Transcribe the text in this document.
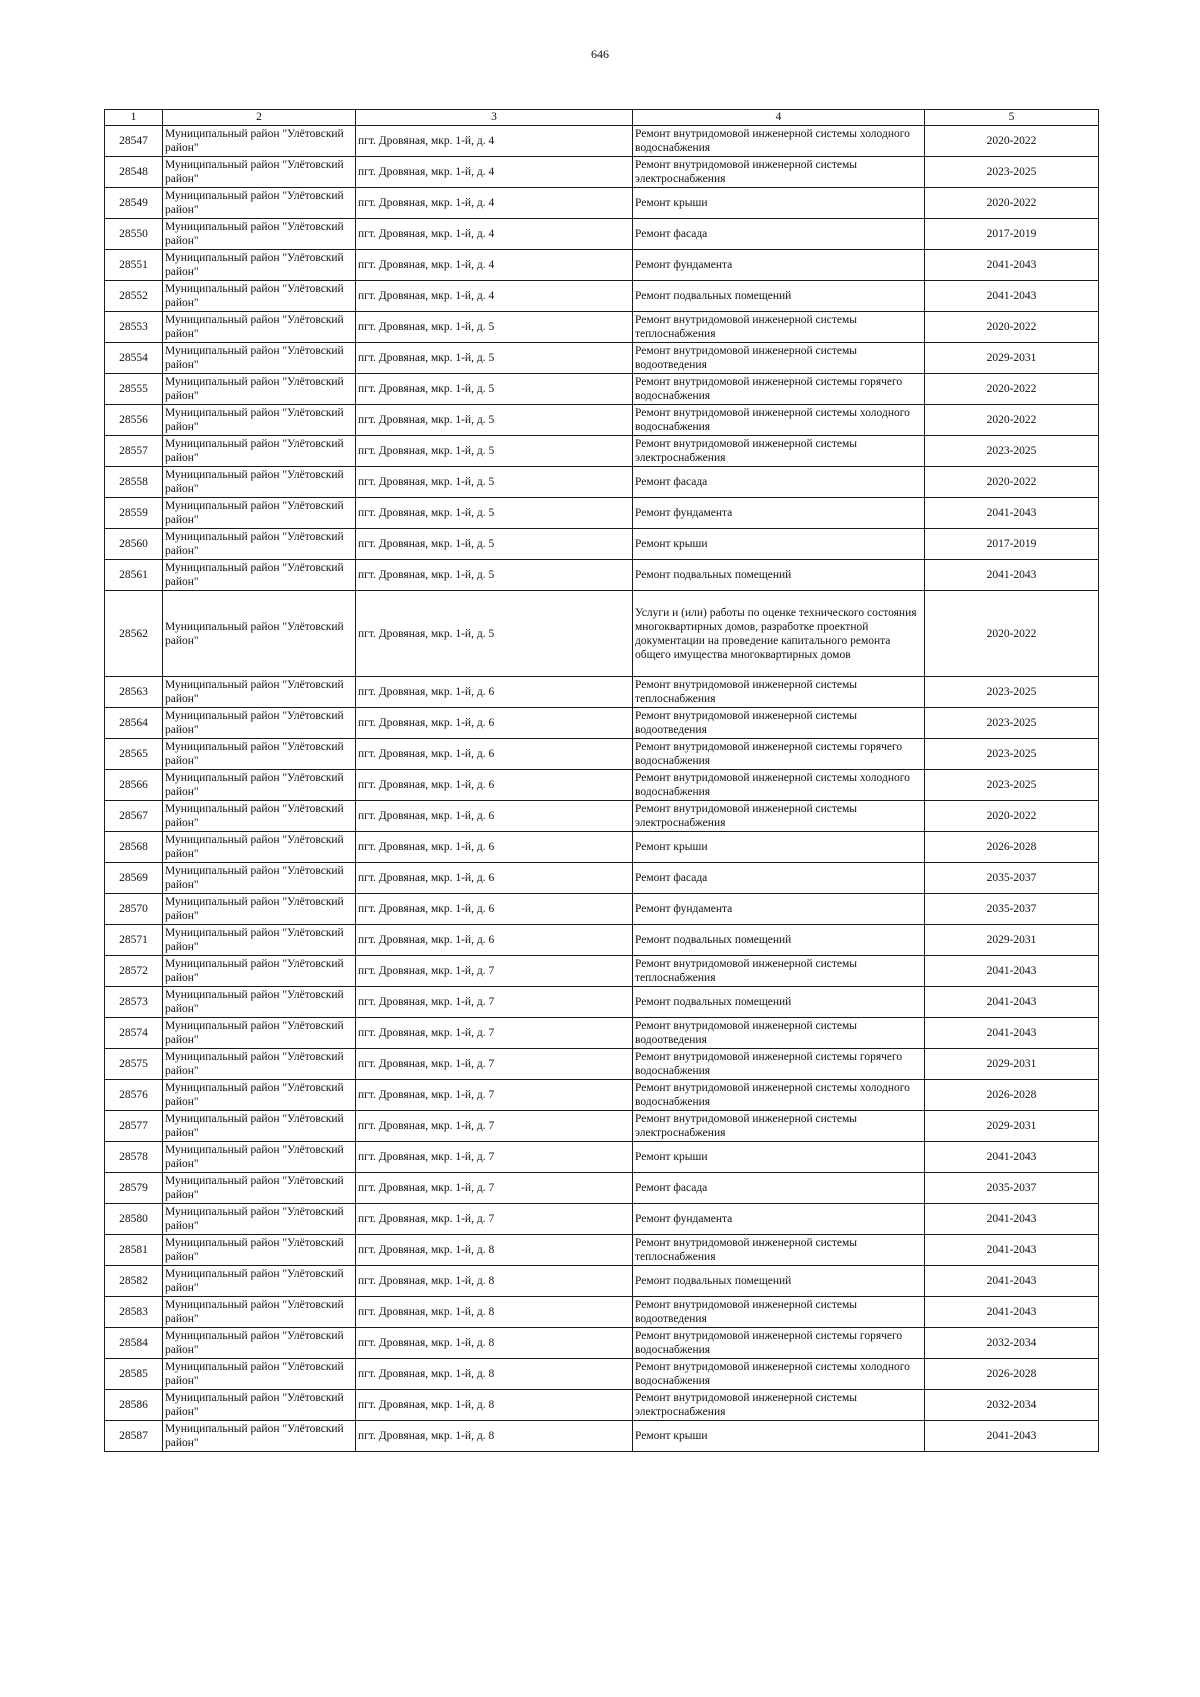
646
1	2	3	4	5
28547	Муниципальный район "Улётовский район"	пгт. Дровяная, мкр. 1-й, д. 4	Ремонт внутридомовой инженерной системы холодного водоснабжения	2020-2022
28548	Муниципальный район "Улётовский район"	пгт. Дровяная, мкр. 1-й, д. 4	Ремонт внутридомовой инженерной системы электроснабжения	2023-2025
28549	Муниципальный район "Улётовский район"	пгт. Дровяная, мкр. 1-й, д. 4	Ремонт крыши	2020-2022
28550	Муниципальный район "Улётовский район"	пгт. Дровяная, мкр. 1-й, д. 4	Ремонт фасада	2017-2019
28551	Муниципальный район "Улётовский район"	пгт. Дровяная, мкр. 1-й, д. 4	Ремонт фундамента	2041-2043
28552	Муниципальный район "Улётовский район"	пгт. Дровяная, мкр. 1-й, д. 4	Ремонт подвальных помещений	2041-2043
28553	Муниципальный район "Улётовский район"	пгт. Дровяная, мкр. 1-й, д. 5	Ремонт внутридомовой инженерной системы теплоснабжения	2020-2022
28554	Муниципальный район "Улётовский район"	пгт. Дровяная, мкр. 1-й, д. 5	Ремонт внутридомовой инженерной системы водоотведения	2029-2031
28555	Муниципальный район "Улётовский район"	пгт. Дровяная, мкр. 1-й, д. 5	Ремонт внутридомовой инженерной системы горячего водоснабжения	2020-2022
28556	Муниципальный район "Улётовский район"	пгт. Дровяная, мкр. 1-й, д. 5	Ремонт внутридомовой инженерной системы холодного водоснабжения	2020-2022
28557	Муниципальный район "Улётовский район"	пгт. Дровяная, мкр. 1-й, д. 5	Ремонт внутридомовой инженерной системы электроснабжения	2023-2025
28558	Муниципальный район "Улётовский район"	пгт. Дровяная, мкр. 1-й, д. 5	Ремонт фасада	2020-2022
28559	Муниципальный район "Улётовский район"	пгт. Дровяная, мкр. 1-й, д. 5	Ремонт фундамента	2041-2043
28560	Муниципальный район "Улётовский район"	пгт. Дровяная, мкр. 1-й, д. 5	Ремонт крыши	2017-2019
28561	Муниципальный район "Улётовский район"	пгт. Дровяная, мкр. 1-й, д. 5	Ремонт подвальных помещений	2041-2043
28562	Муниципальный район "Улётовский район"	пгт. Дровяная, мкр. 1-й, д. 5	Услуги и (или) работы по оценке технического состояния многоквартирных домов, разработке проектной документации на проведение капитального ремонта общего имущества многоквартирных домов	2020-2022
28563	Муниципальный район "Улётовский район"	пгт. Дровяная, мкр. 1-й, д. 6	Ремонт внутридомовой инженерной системы теплоснабжения	2023-2025
28564	Муниципальный район "Улётовский район"	пгт. Дровяная, мкр. 1-й, д. 6	Ремонт внутридомовой инженерной системы водоотведения	2023-2025
28565	Муниципальный район "Улётовский район"	пгт. Дровяная, мкр. 1-й, д. 6	Ремонт внутридомовой инженерной системы горячего водоснабжения	2023-2025
28566	Муниципальный район "Улётовский район"	пгт. Дровяная, мкр. 1-й, д. 6	Ремонт внутридомовой инженерной системы холодного водоснабжения	2023-2025
28567	Муниципальный район "Улётовский район"	пгт. Дровяная, мкр. 1-й, д. 6	Ремонт внутридомовой инженерной системы электроснабжения	2020-2022
28568	Муниципальный район "Улётовский район"	пгт. Дровяная, мкр. 1-й, д. 6	Ремонт крыши	2026-2028
28569	Муниципальный район "Улётовский район"	пгт. Дровяная, мкр. 1-й, д. 6	Ремонт фасада	2035-2037
28570	Муниципальный район "Улётовский район"	пгт. Дровяная, мкр. 1-й, д. 6	Ремонт фундамента	2035-2037
28571	Муниципальный район "Улётовский район"	пгт. Дровяная, мкр. 1-й, д. 6	Ремонт подвальных помещений	2029-2031
28572	Муниципальный район "Улётовский район"	пгт. Дровяная, мкр. 1-й, д. 7	Ремонт внутридомовой инженерной системы теплоснабжения	2041-2043
28573	Муниципальный район "Улётовский район"	пгт. Дровяная, мкр. 1-й, д. 7	Ремонт подвальных помещений	2041-2043
28574	Муниципальный район "Улётовский район"	пгт. Дровяная, мкр. 1-й, д. 7	Ремонт внутридомовой инженерной системы водоотведения	2041-2043
28575	Муниципальный район "Улётовский район"	пгт. Дровяная, мкр. 1-й, д. 7	Ремонт внутридомовой инженерной системы горячего водоснабжения	2029-2031
28576	Муниципальный район "Улётовский район"	пгт. Дровяная, мкр. 1-й, д. 7	Ремонт внутридомовой инженерной системы холодного водоснабжения	2026-2028
28577	Муниципальный район "Улётовский район"	пгт. Дровяная, мкр. 1-й, д. 7	Ремонт внутридомовой инженерной системы электроснабжения	2029-2031
28578	Муниципальный район "Улётовский район"	пгт. Дровяная, мкр. 1-й, д. 7	Ремонт крыши	2041-2043
28579	Муниципальный район "Улётовский район"	пгт. Дровяная, мкр. 1-й, д. 7	Ремонт фасада	2035-2037
28580	Муниципальный район "Улётовский район"	пгт. Дровяная, мкр. 1-й, д. 7	Ремонт фундамента	2041-2043
28581	Муниципальный район "Улётовский район"	пгт. Дровяная, мкр. 1-й, д. 8	Ремонт внутридомовой инженерной системы теплоснабжения	2041-2043
28582	Муниципальный район "Улётовский район"	пгт. Дровяная, мкр. 1-й, д. 8	Ремонт подвальных помещений	2041-2043
28583	Муниципальный район "Улётовский район"	пгт. Дровяная, мкр. 1-й, д. 8	Ремонт внутридомовой инженерной системы водоотведения	2041-2043
28584	Муниципальный район "Улётовский район"	пгт. Дровяная, мкр. 1-й, д. 8	Ремонт внутридомовой инженерной системы горячего водоснабжения	2032-2034
28585	Муниципальный район "Улётовский район"	пгт. Дровяная, мкр. 1-й, д. 8	Ремонт внутридомовой инженерной системы холодного водоснабжения	2026-2028
28586	Муниципальный район "Улётовский район"	пгт. Дровяная, мкр. 1-й, д. 8	Ремонт внутридомовой инженерной системы электроснабжения	2032-2034
28587	Муниципальный район "Улётовский район"	пгт. Дровяная, мкр. 1-й, д. 8	Ремонт крыши	2041-2043
